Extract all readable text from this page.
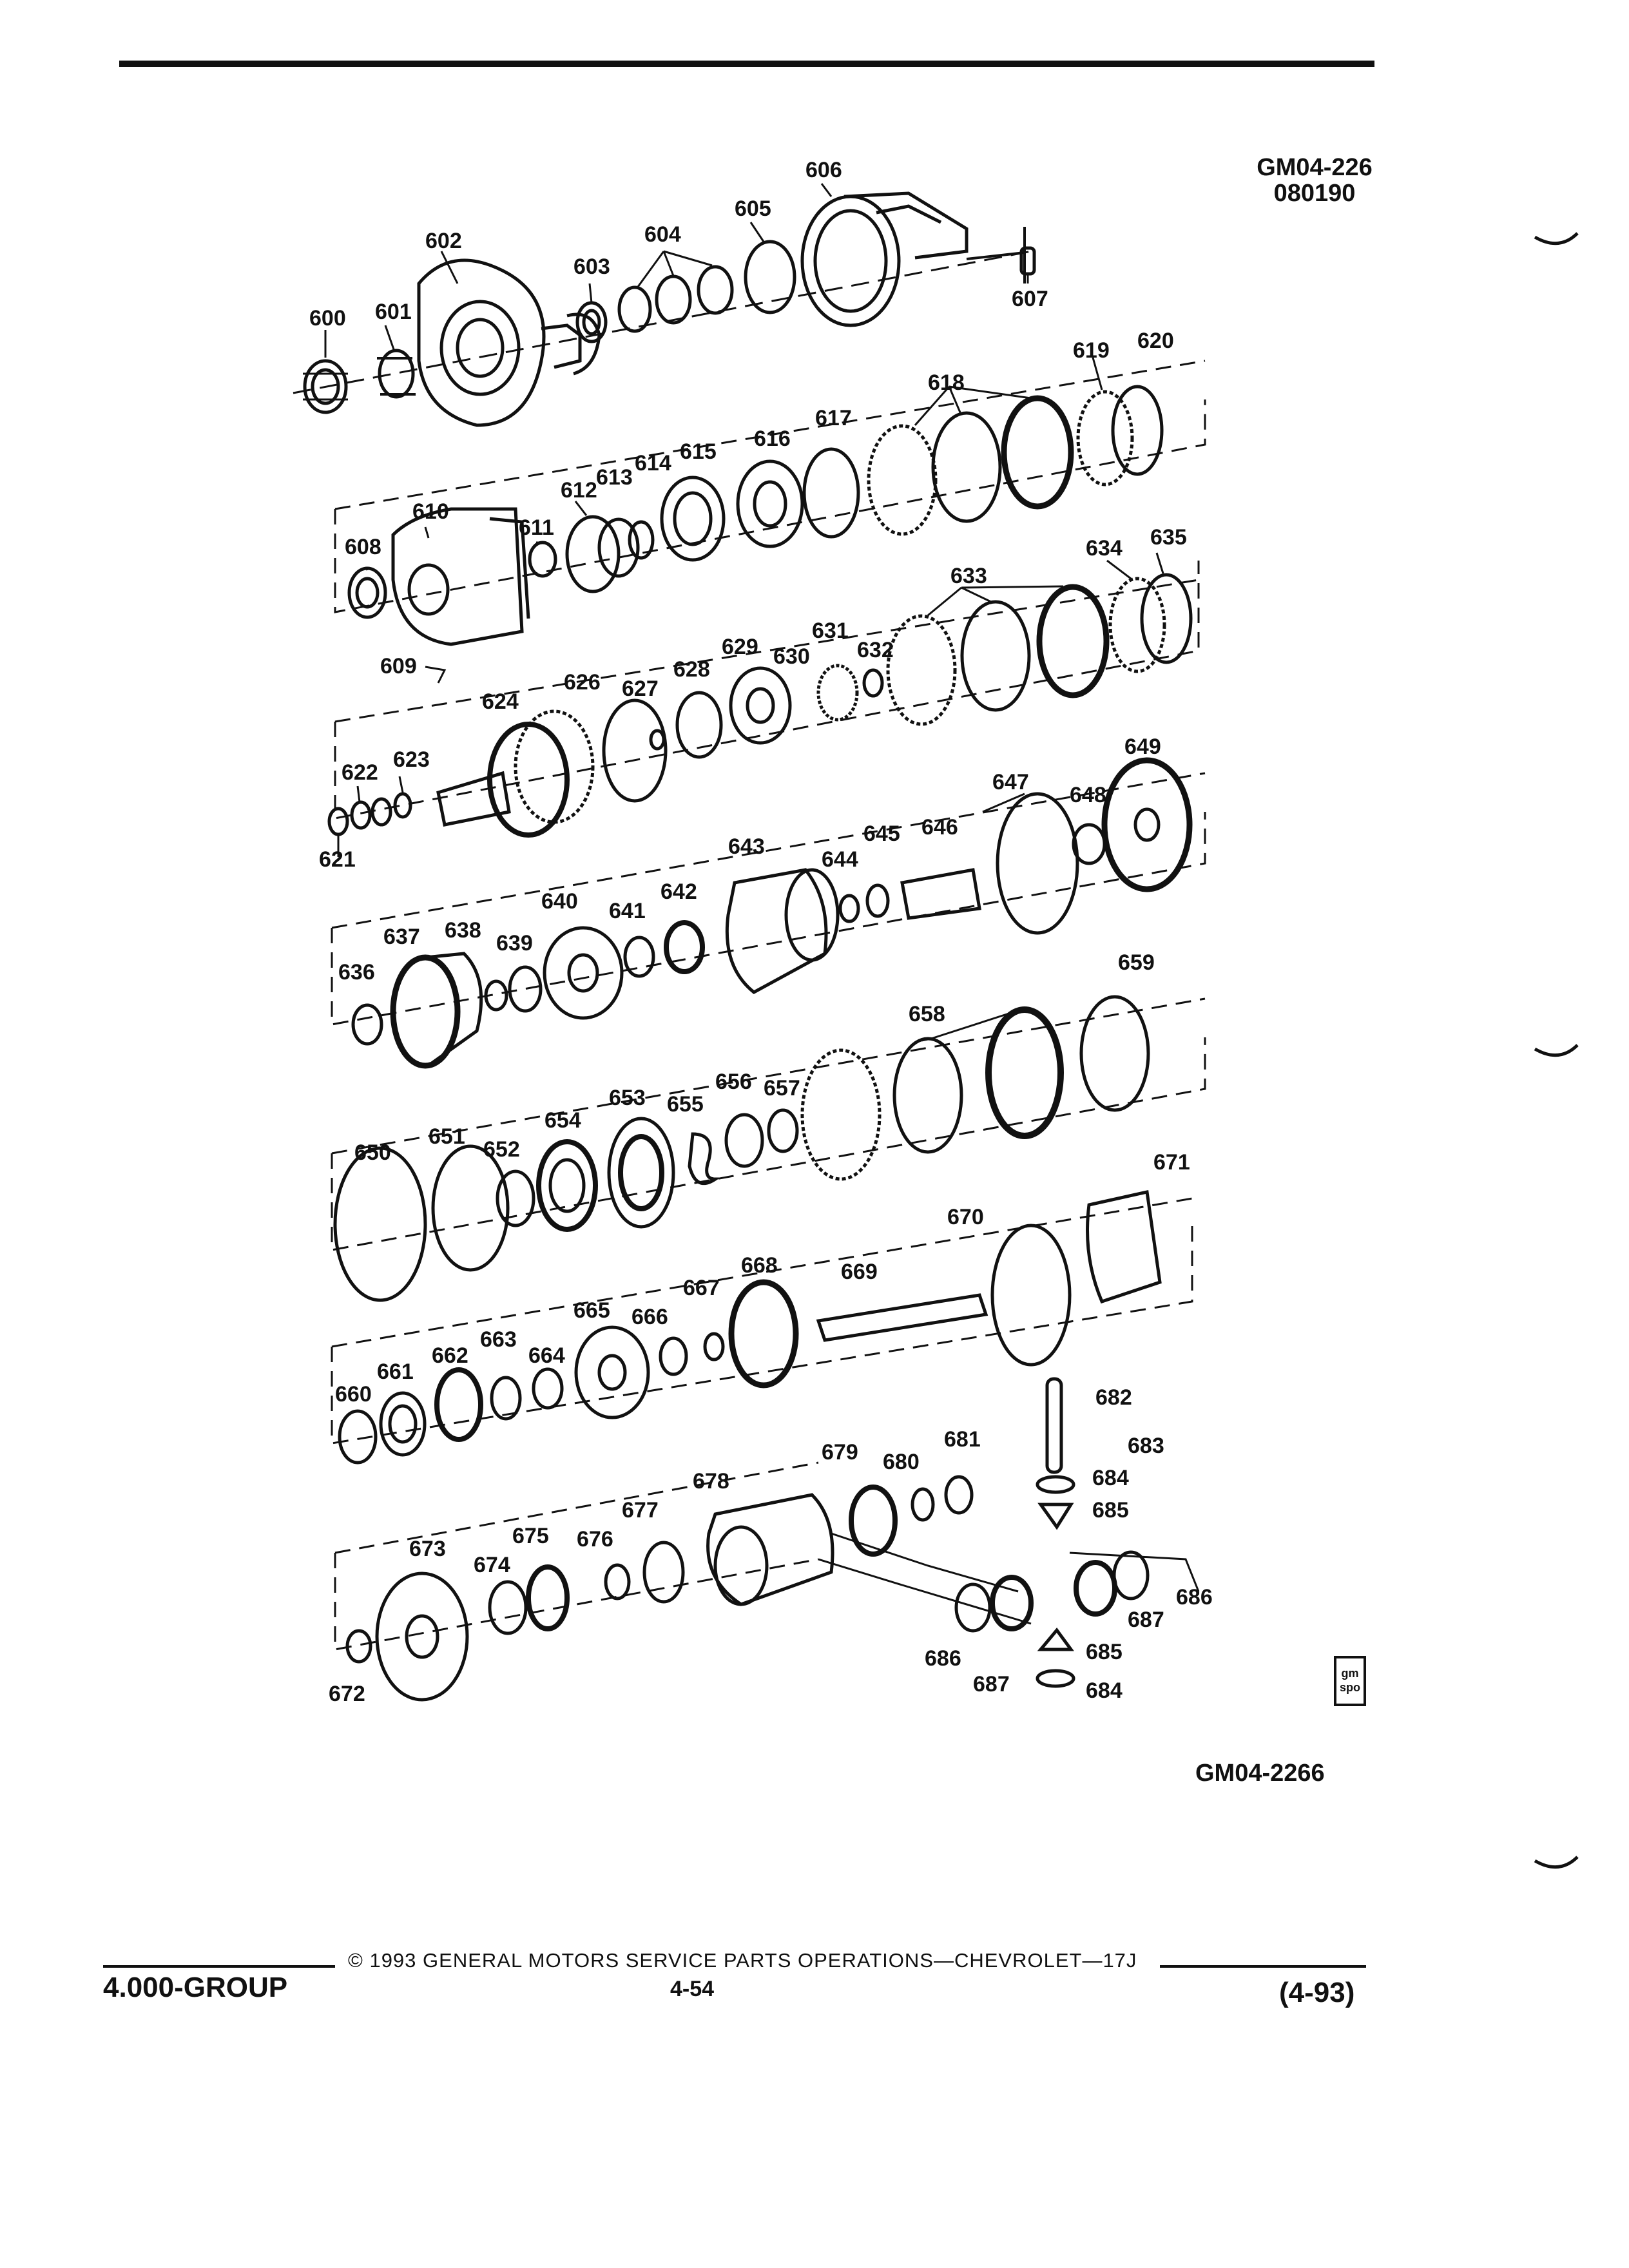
GM04-226
080190
600 601
602
603
604
605
606
607
608
609
610
611
612
613
614 615
616
617
618
619 620
621
622
623
624
626 627
628
629 630
631
632
633
634 635
636
637 638
639
640 641
642
643
644
645 646
647
648
649
650
651
652
654
653 655
656 657
658
659
660
661
662
663
664
665 666
667
668	669
670
671
672
673
674
675 676
677
678
679 680
681
682
683
684
685
686
687
685
686
687	684
gm spo
GM04-2266
4.000-GROUP
© 1993 GENERAL MOTORS SERVICE PARTS OPERATIONS—CHEVROLET—17J
4-54	(4-93)
